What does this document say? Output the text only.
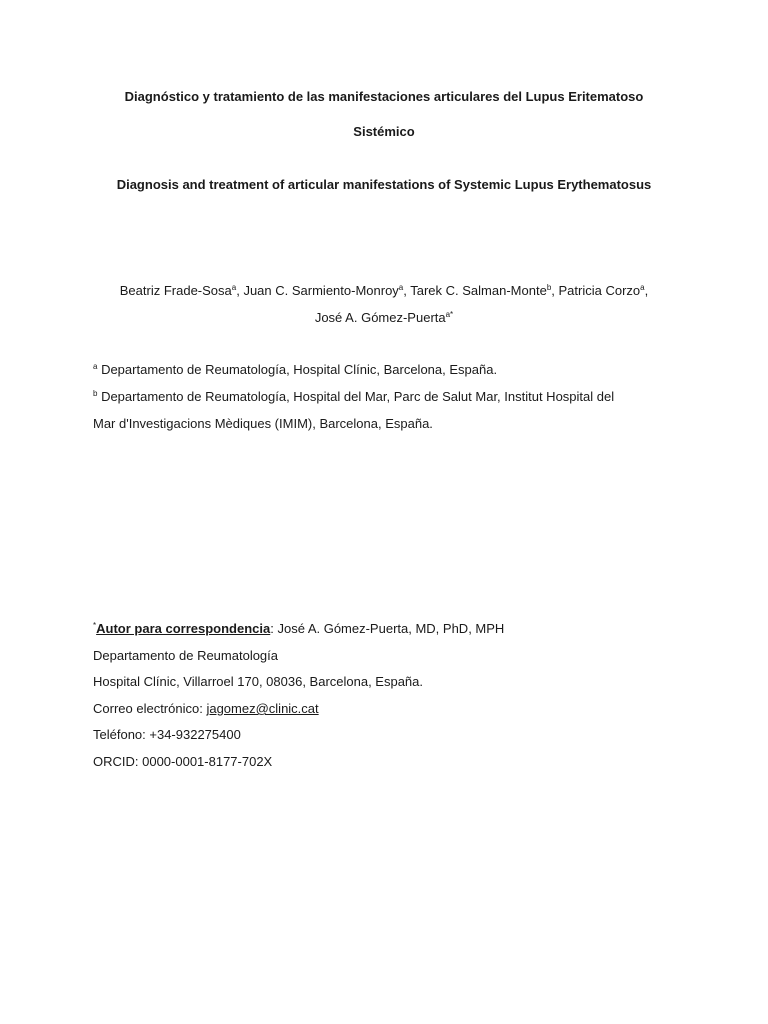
Diagnóstico y tratamiento de las manifestaciones articulares del Lupus Eritematoso
Sistémico
Diagnosis and treatment of articular manifestations of Systemic Lupus Erythematosus
Beatriz Frade-Sosa$^a$, Juan C. Sarmiento-Monroy$^a$, Tarek C. Salman-Monte$^b$, Patricia Corzo$^a$,
José A. Gómez-Puerta$^{a*}$
$^a$ Departamento de Reumatología, Hospital Clínic, Barcelona, España.
$^b$ Departamento de Reumatología, Hospital del Mar, Parc de Salut Mar, Institut Hospital del
Mar d'Investigacions Mèdiques (IMIM), Barcelona, España.
*Autor para correspondencia: José A. Gómez-Puerta, MD, PhD, MPH
Departamento de Reumatología
Hospital Clínic, Villarroel 170, 08036, Barcelona, España.
Correo electrónico: jagomez@clinic.cat
Teléfono: +34-932275400
ORCID: 0000-0001-8177-702X
